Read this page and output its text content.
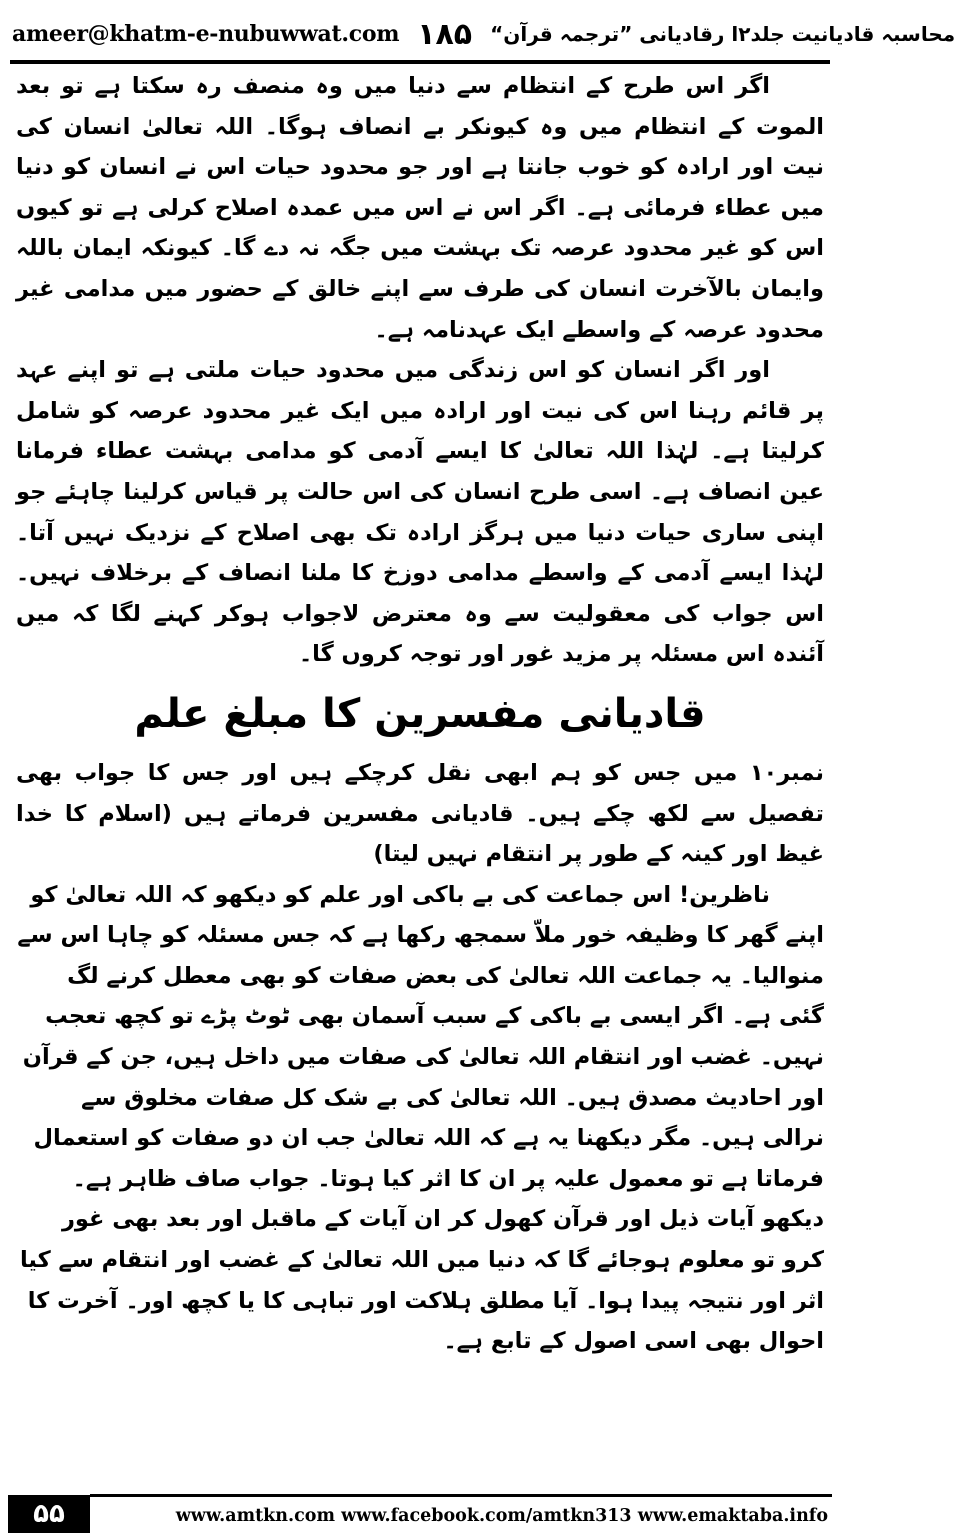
ameer@khatm-e-nubuwwat.com ۱۸۵ محاسبہ قادیانیت جلد۲ا رقادیانی ”ترجمہ قرآن“

اگر اس طرح کے انتظام سے دنیا میں وہ منصف رہ سکتا ہے تو بعد الموت کے انتظام میں وہ کیونکر بے انصاف ہوگا۔ اللہ تعالیٰ انسان کی نیت اور ارادہ کو خوب جانتا ہے اور جو محدود حیات اس نے انسان کو دنیا میں عطاء فرمائی ہے۔ اگر اس نے اس میں عمدہ اصلاح کرلی ہے تو کیوں اس کو غیر محدود عرصہ تک بہشت میں جگہ نہ دے گا۔ کیونکہ ایمان باللہ وایمان بالآخرت انسان کی طرف سے اپنے خالق کے حضور میں مدامی غیر محدود عرصہ کے واسطے ایک عہدنامہ ہے۔

اور اگر انسان کو اس زندگی میں محدود حیات ملتی ہے تو اپنے عہد پر قائم رہنا اس کی نیت اور ارادہ میں ایک غیر محدود عرصہ کو شامل کرلیتا ہے۔ لہٰذا اللہ تعالیٰ کا ایسے آدمی کو مدامی بہشت عطاء فرمانا عین انصاف ہے۔ اسی طرح انسان کی اس حالت پر قیاس کرلینا چاہئے جو اپنی ساری حیات دنیا میں ہرگز ارادہ تک بھی اصلاح کے نزدیک نہیں آتا۔ لہٰذا ایسے آدمی کے واسطے مدامی دوزخ کا ملنا انصاف کے برخلاف نہیں۔ اس جواب کی معقولیت سے وہ معترض لاجواب ہوکر کہنے لگا کہ میں آئندہ اس مسئلہ پر مزید غور اور توجہ کروں گا۔

قادیانی مفسرین کا مبلغ علم

نمبر۱۰ میں جس کو ہم ابھی نقل کرچکے ہیں اور جس کا جواب بھی تفصیل سے لکھ چکے ہیں۔ قادیانی مفسرین فرماتے ہیں (اسلام کا خدا غیظ اور کینہ کے طور پر انتقام نہیں لیتا)

ناظرین! اس جماعت کی بے باکی اور علم کو دیکھو کہ اللہ تعالیٰ کو اپنے گھر کا وظیفہ خور ملاّ سمجھ رکھا ہے کہ جس مسئلہ کو چاہا اس سے منوالیا۔ یہ جماعت اللہ تعالیٰ کی بعض صفات کو بھی معطل کرنے لگ گئی ہے۔ اگر ایسی بے باکی کے سبب آسمان بھی ٹوٹ پڑے تو کچھ تعجب نہیں۔ غضب اور انتقام اللہ تعالیٰ کی صفات میں داخل ہیں، جن کے قرآن اور احادیث مصدق ہیں۔ اللہ تعالیٰ کی بے شک کل صفات مخلوق سے نرالی ہیں۔ مگر دیکھنا یہ ہے کہ اللہ تعالیٰ جب ان دو صفات کو استعمال فرماتا ہے تو معمول علیہ پر ان کا اثر کیا ہوتا۔ جواب صاف ظاہر ہے۔ دیکھو آیات ذیل اور قرآن کھول کر ان آیات کے ماقبل اور بعد بھی غور کرو تو معلوم ہوجائے گا کہ دنیا میں اللہ تعالیٰ کے غضب اور انتقام سے کیا اثر اور نتیجہ پیدا ہوا۔ آیا مطلق ہلاکت اور تباہی کا یا کچھ اور۔ آخرت کا احوال بھی اسی اصول کے تابع ہے۔

۵۵	www.amtkn.com www.facebook.com/amtkn313 www.emaktaba.info
